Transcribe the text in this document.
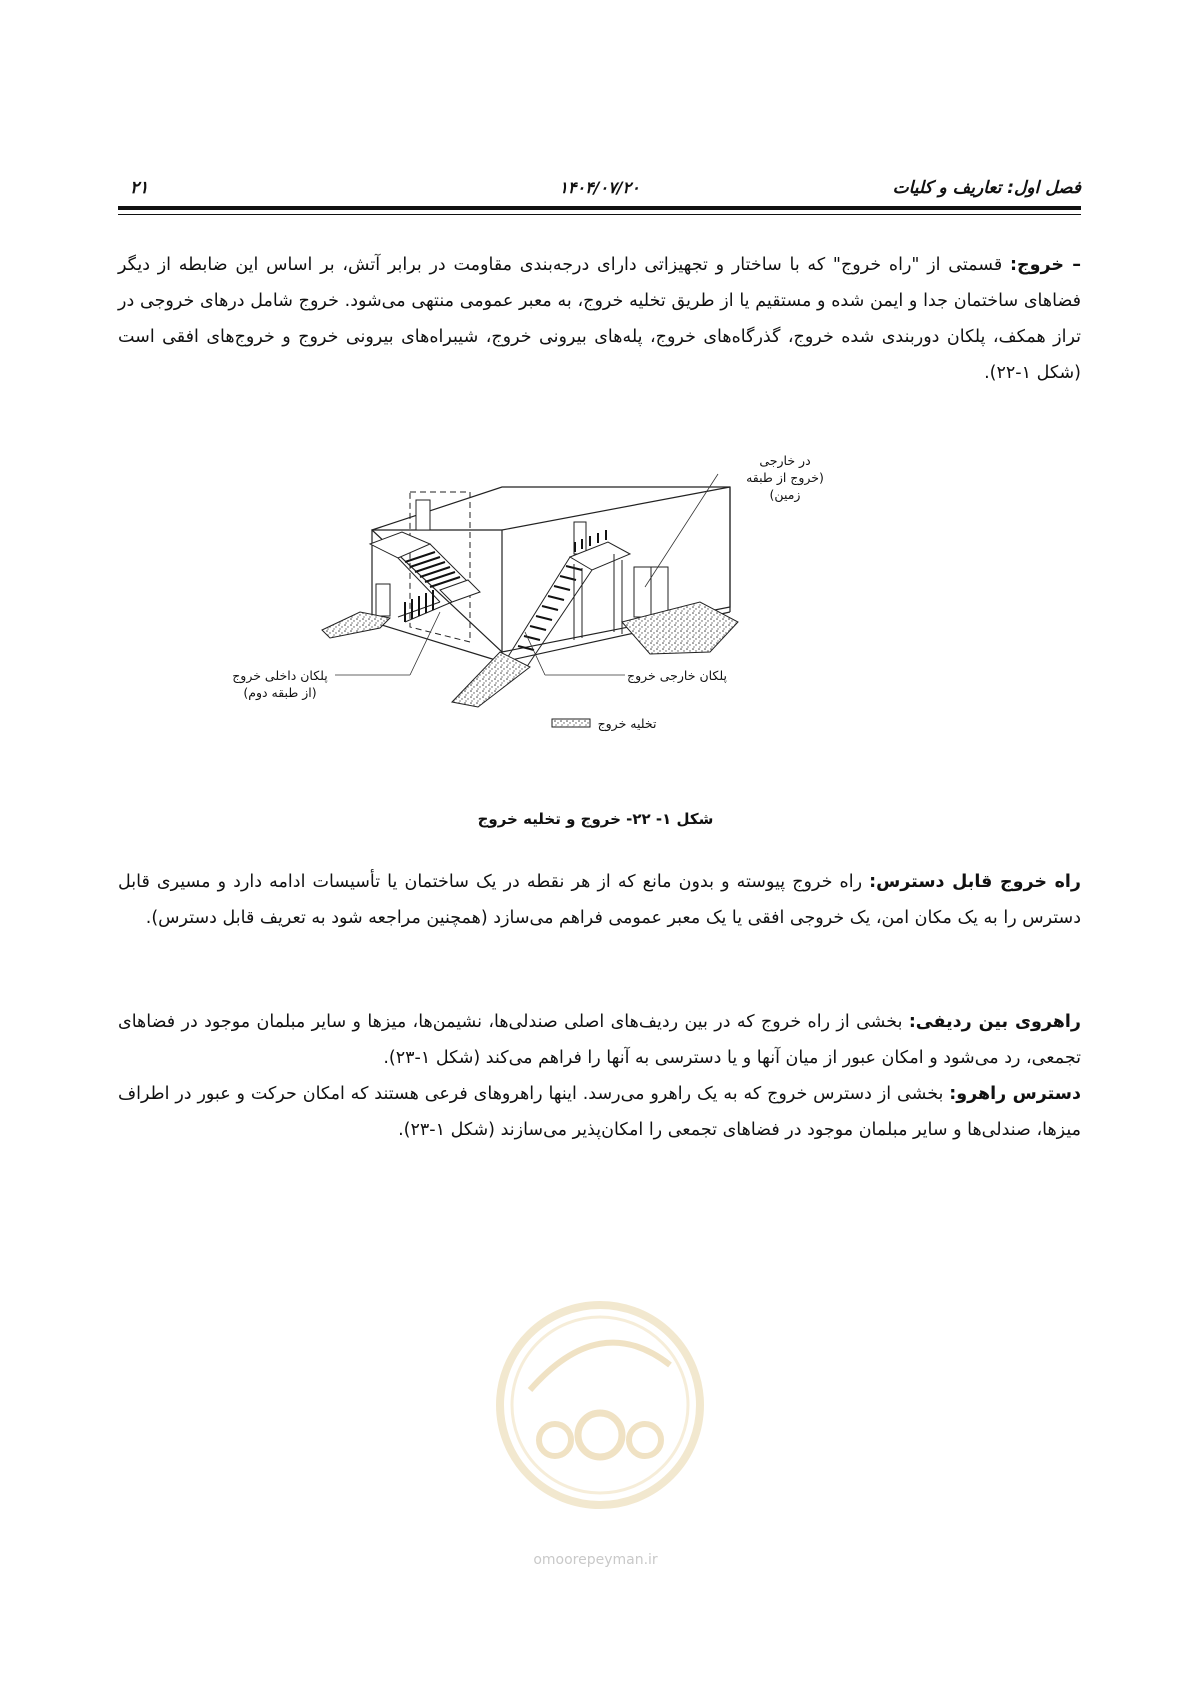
فصل اول: تعاریف و کلیات
۱۴۰۴/۰۷/۲۰
۲۱
– خروج: قسمتی از "راه خروج" که با ساختار و تجهیزاتی دارای درجه‌بندی مقاومت در برابر آتش، بر اساس این ضابطه از دیگر فضاهای ساختمان جدا و ایمن شده و مستقیم یا از طریق تخلیه خروج، به معبر عمومی منتهی می‌شود. خروج شامل درهای خروجی در تراز همکف، پلکان دوربندی شده خروج، گذرگاه‌های خروج، پله‌های بیرونی خروج، شیبراه‌های بیرونی خروج و خروج‌های افقی است (شکل ۱-۲۲).
در خارجی
(خروج از طبقه زمین)
پلکان داخلی خروج
(از طبقه دوم)
پلکان خارجی خروج
تخلیه خروج
شکل ۱- ۲۲- خروج و تخلیه خروج
راه خروج قابل دسترس: راه خروج پیوسته و بدون مانع که از هر نقطه در یک ساختمان یا تأسیسات ادامه دارد و مسیری قابل دسترس را به یک مکان امن، یک خروجی افقی یا یک معبر عمومی فراهم می‌سازد (همچنین مراجعه شود به تعریف قابل دسترس).
راهروی بین ردیفی: بخشی از راه خروج که در بین ردیف‌های اصلی صندلی‌ها، نشیمن‌ها، میزها و سایر مبلمان موجود در فضاهای تجمعی، رد می‌شود و امکان عبور از میان آنها و یا دسترسی به آنها را فراهم می‌کند (شکل ۱-۲۳).
دسترس راهرو: بخشی از دسترس خروج که به یک راهرو می‌رسد. اینها راهروهای فرعی هستند که امکان حرکت و عبور در اطراف میزها، صندلی‌ها و سایر مبلمان موجود در فضاهای تجمعی را امکان‌پذیر می‌سازند (شکل ۱-۲۳).
omoorepeyman.ir
